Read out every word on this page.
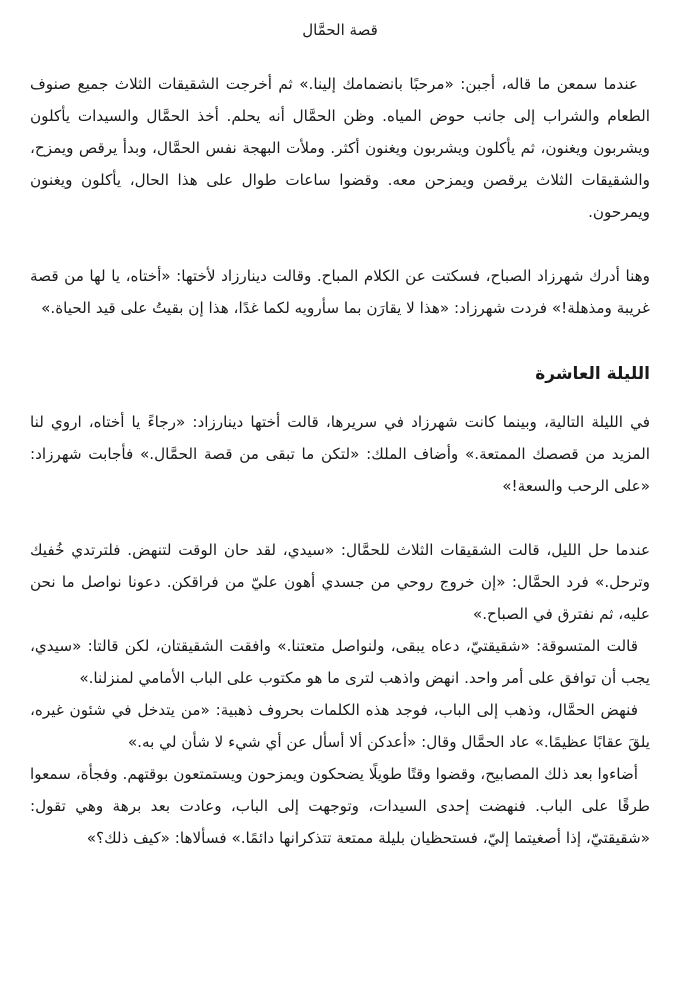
قصة الحمَّال

عندما سمعن ما قاله، أجبن: «مرحبًا بانضمامك إلينا.» ثم أخرجت الشقيقات الثلاث جميع صنوف الطعام والشراب إلى جانب حوض المياه. وظن الحمَّال أنه يحلم. أخذ الحمَّال والسيدات يأكلون ويشربون ويغنون، ثم يأكلون ويشربون ويغنون أكثر. وملأت البهجة نفس الحمَّال، وبدأ يرقص ويمزح، والشقيقات الثلاث يرقصن ويمزحن معه. وقضوا ساعات طوال على هذا الحال، يأكلون ويغنون ويمرحون.

وهنا أدرك شهرزاد الصباح، فسكتت عن الكلام المباح. وقالت دينارزاد لأختها: «أختاه، يا لها من قصة غريبة ومذهلة!» فردت شهرزاد: «هذا لا يقارَن بما سأرويه لكما غدًا، هذا إن بقيتُ على قيد الحياة.»

الليلة العاشرة

في الليلة التالية، وبينما كانت شهرزاد في سريرها، قالت أختها دينارزاد: «رجاءً يا أختاه، اروي لنا المزيد من قصصك الممتعة.» وأضاف الملك: «لتكن ما تبقى من قصة الحمَّال.» فأجابت شهرزاد: «على الرحب والسعة!»

عندما حل الليل، قالت الشقيقات الثلاث للحمَّال: «سيدي، لقد حان الوقت لتنهض. فلترتدي خُفيك وترحل.» فرد الحمَّال: «إن خروج روحي من جسدي أهون عليّ من فراقكن. دعونا نواصل ما نحن عليه، ثم نفترق في الصباح.»

قالت المتسوقة: «شقيقتيّ، دعاه يبقى، ولنواصل متعتنا.» وافقت الشقيقتان، لكن قالتا: «سيدي، يجب أن توافق على أمر واحد. انهض واذهب لترى ما هو مكتوب على الباب الأمامي لمنزلنا.»

فنهض الحمَّال، وذهب إلى الباب، فوجد هذه الكلمات بحروف ذهبية: «من يتدخل في شئون غيره، يلقَ عقابًا عظيمًا.» عاد الحمَّال وقال: «أعدكن ألا أسأل عن أي شيء لا شأن لي به.»

أضاءوا بعد ذلك المصابيح، وقضوا وقتًا طويلًا يضحكون ويمزحون ويستمتعون بوقتهم. وفجأة، سمعوا طرقًا على الباب. فنهضت إحدى السيدات، وتوجهت إلى الباب، وعادت بعد برهة وهي تقول: «شقيقتيّ، إذا أصغيتما إليّ، فستحظيان بليلة ممتعة تتذكرانها دائمًا.» فسألاها: «كيف ذلك؟»
